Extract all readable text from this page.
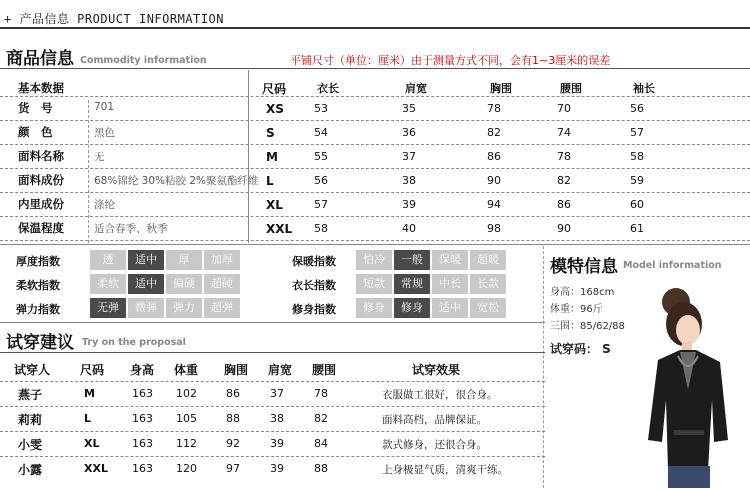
+ 产品信息 PRODUCT INFORMATION
商品信息 Commodity information	平铺尺寸（单位：厘米）由于测量方式不同，会有1~3厘米的误差
基本数据	尺码	衣长	肩宽	胸围	腰围	袖长
货　号	701
颜　色	黑色
面料名称	无
面料成份	68%锦纶 30%粘胶 2%聚氨酯纤维
内里成份	涤纶
保温程度	适合春季、秋季
XS	53	35	78	70	56
S	54	36	82	74	57
M	55	37	86	78	58
L	56	38	90	82	59
XL	57	39	94	86	60
XXL 58	40	98	90	61
厚度指数	透	适中	厚	加厚
柔软指数	柔软	适中	偏硬	超硬
弹力指数	无弹	微弹	弹力	超弹
保暖指数	怕冷	一般	保暖	超暖
衣长指数	短款	常规	中长	长款
修身指数	修身	修身	适中	宽松
模特信息 Model information
身高：168cm
体重：96斤
三围：85/62/88
试穿码： S
试穿建议 Try on the proposal
试穿人 尺码 身高 体重 胸围 肩宽 腰围	试穿效果
燕子	M	163 102	86	37	78	衣服做工很好，很合身。
莉莉	L	163 105	88	38	82	面料高档，品牌保证。
小雯	XL	163 112	92	39	84	款式修身，还很合身。
小露	XXL 163 120	97	39	88	上身极显气质，清爽干练。
